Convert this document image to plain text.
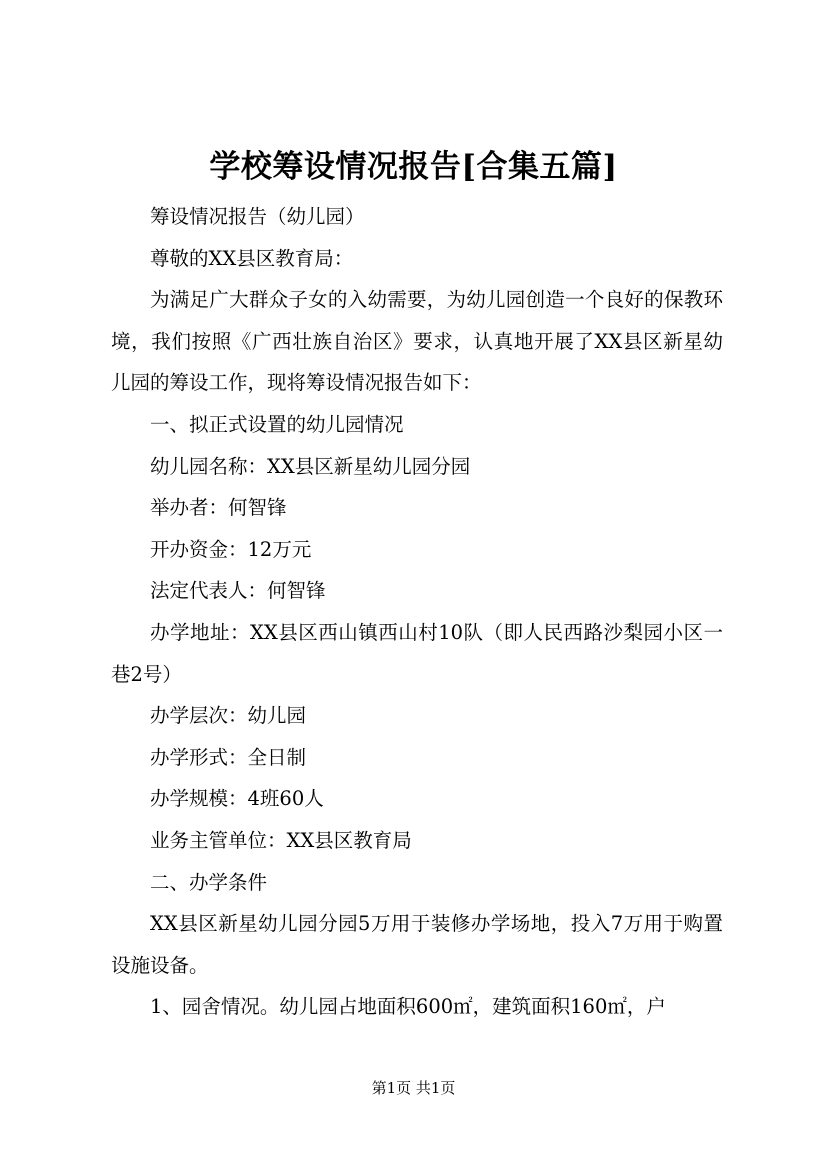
学校筹设情况报告[合集五篇]

筹设情况报告（幼儿园）

尊敬的XX县区教育局：

为满足广大群众子女的入幼需要，为幼儿园创造一个良好的保教环境，我们按照《广西壮族自治区》要求，认真地开展了XX县区新星幼儿园的筹设工作，现将筹设情况报告如下：

一、拟正式设置的幼儿园情况

幼儿园名称：XX县区新星幼儿园分园

举办者：何智锋

开办资金：12万元

法定代表人：何智锋

办学地址：XX县区西山镇西山村10队（即人民西路沙梨园小区一巷2号）

办学层次：幼儿园

办学形式：全日制

办学规模：4班60人

业务主管单位：XX县区教育局

二、办学条件

XX县区新星幼儿园分园5万用于装修办学场地，投入7万用于购置设施设备。

1、园舍情况。幼儿园占地面积600㎡，建筑面积160㎡，户

第1页 共1页
